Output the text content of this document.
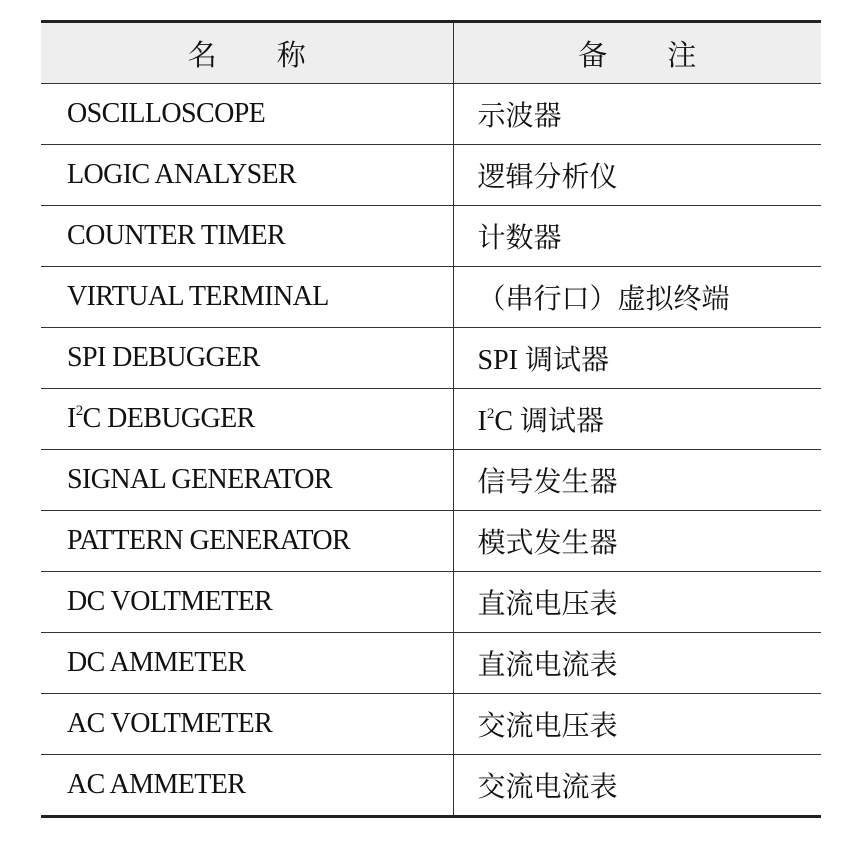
名 称	备 注
OSCILLOSCOPE	示波器
LOGIC ANALYSER	逻辑分析仪
COUNTER TIMER	计数器
VIRTUAL TERMINAL	（串行口）虚拟终端
SPI DEBUGGER	SPI 调试器
$I^2C$ DEBUGGER	$I^2C$ 调试器
SIGNAL GENERATOR	信号发生器
PATTERN GENERATOR	模式发生器
DC VOLTMETER	直流电压表
DC AMMETER	直流电流表
AC VOLTMETER	交流电压表
AC AMMETER	交流电流表
